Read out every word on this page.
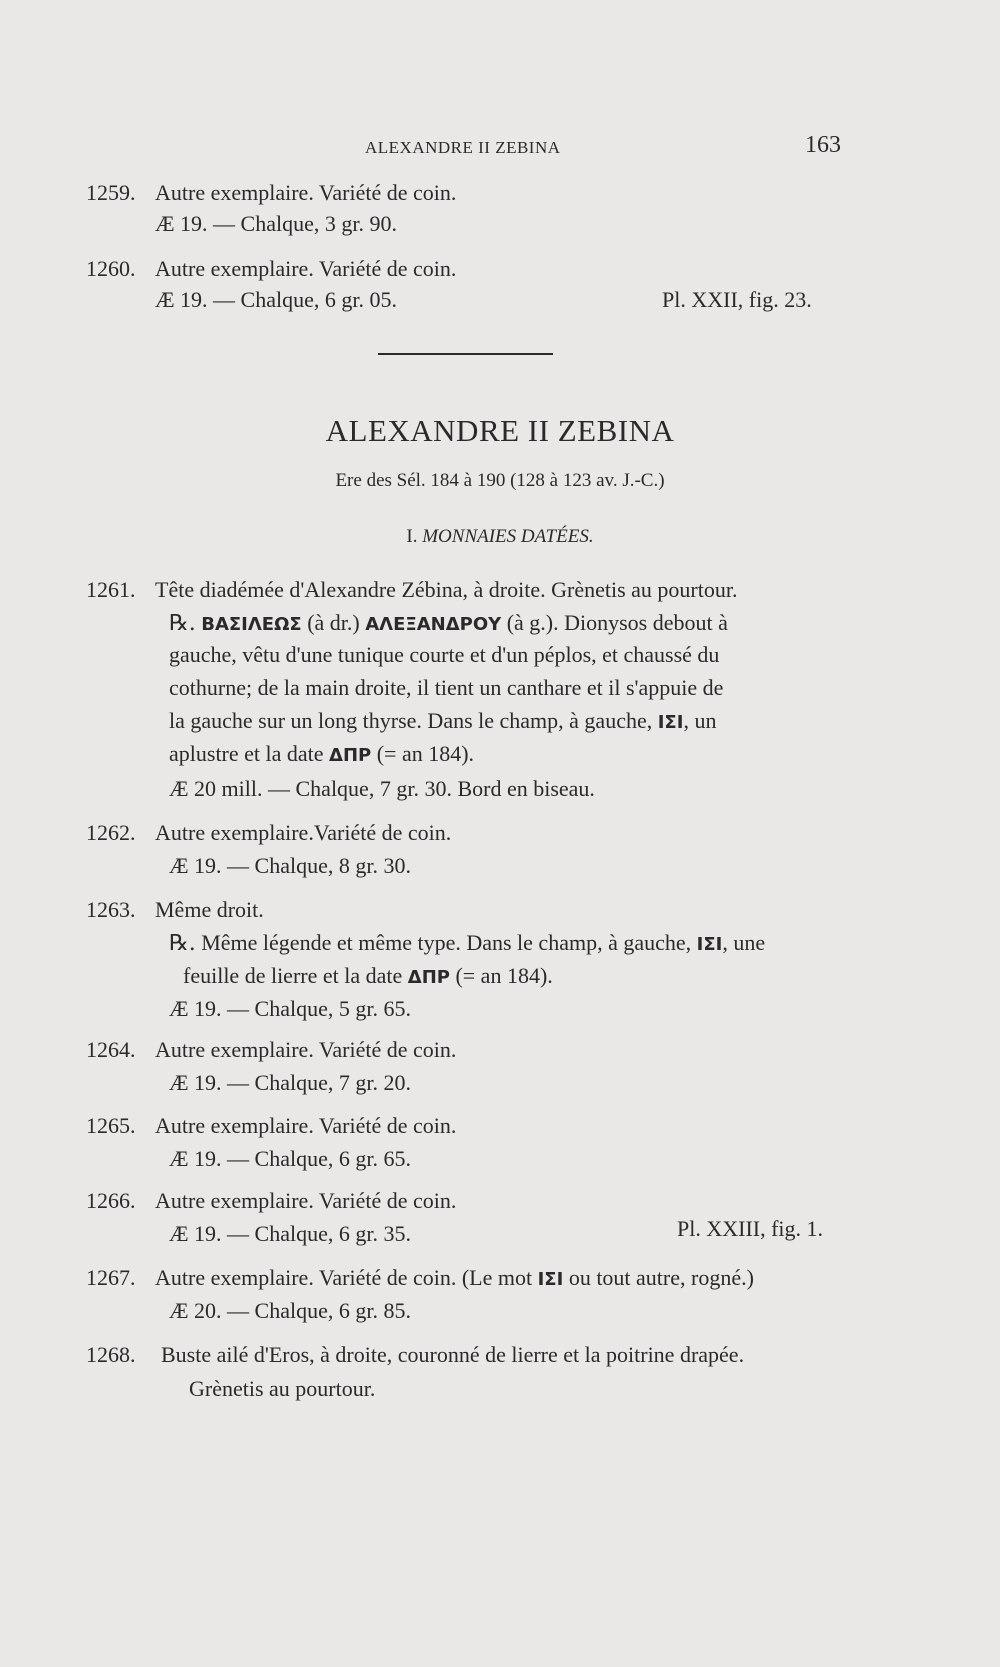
ALEXANDRE II ZEBINA	163
1259. Autre exemplaire. Variété de coin.
Æ 19. — Chalque, 3 gr. 90.
1260. Autre exemplaire. Variété de coin.
Æ 19. — Chalque, 6 gr. 05.	Pl. XXII, fig. 23.
ALEXANDRE II ZEBINA
Ere des Sél. 184 à 190 (128 à 123 av. J.-C.)
I. MONNAIES DATÉES.
1261. Tête diadémée d'Alexandre Zébina, à droite. Grènetis au pourtour.
℞. ΒΑΣΙΛΕΩΣ (à dr.) ΑΛΕΞΑΝΔΡΟΥ (à g.). Dionysos debout à
gauche, vêtu d'une tunique courte et d'un péplos, et chaussé du
cothurne; de la main droite, il tient un canthare et il s'appuie de
la gauche sur un long thyrse. Dans le champ, à gauche, ΙΣΙ, un
aplustre et la date ΔΠΡ (= an 184).
Æ 20 mill. — Chalque, 7 gr. 30. Bord en biseau.
1262. Autre exemplaire.Variété de coin.
Æ 19. — Chalque, 8 gr. 30.
1263. Même droit.
℞. Même légende et même type. Dans le champ, à gauche, ΙΣΙ, une
feuille de lierre et la date ΔΠΡ (= an 184).
Æ 19. — Chalque, 5 gr. 65.
1264. Autre exemplaire. Variété de coin.
Æ 19. — Chalque, 7 gr. 20.
1265. Autre exemplaire. Variété de coin.
Æ 19. — Chalque, 6 gr. 65.
1266. Autre exemplaire. Variété de coin.
Æ 19. — Chalque, 6 gr. 35.	Pl. XXIII, fig. 1.
1267. Autre exemplaire. Variété de coin. (Le mot ΙΣΙ ou tout autre, rogné.)
Æ 20. — Chalque, 6 gr. 85.
1268. Buste ailé d'Eros, à droite, couronné de lierre et la poitrine drapée.
Grènetis au pourtour.
